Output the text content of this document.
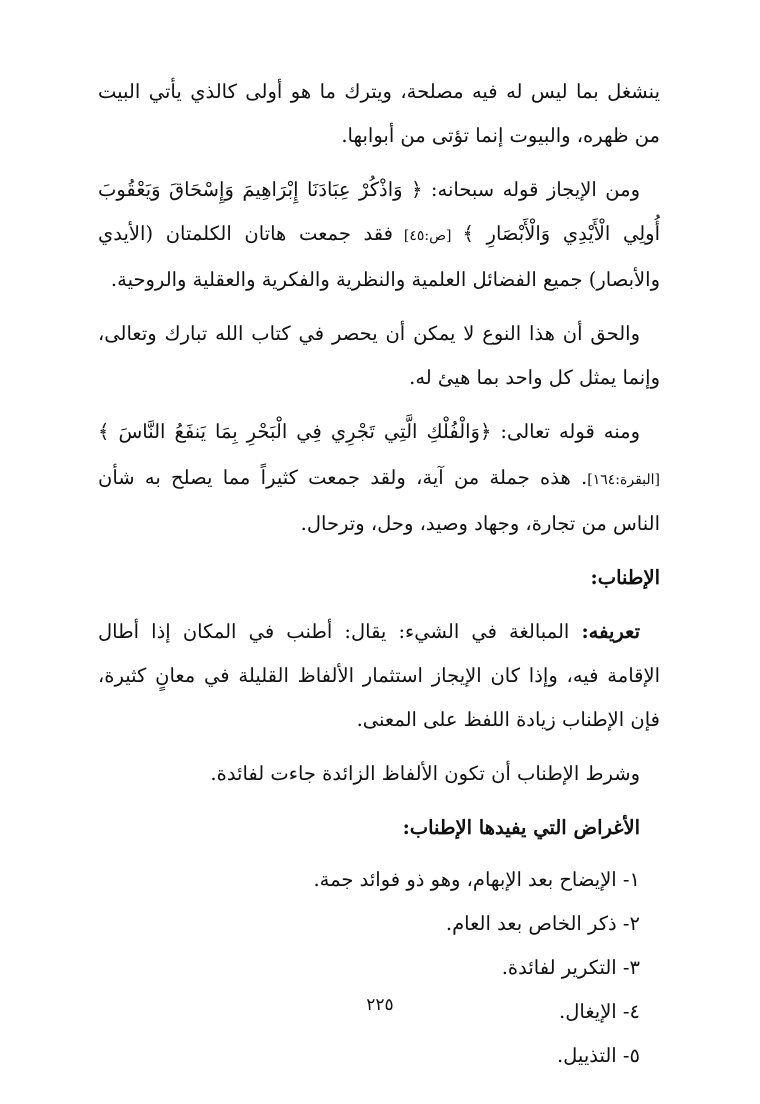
ينشغل بما ليس له فيه مصلحة، ويترك ما هو أولى كالذي يأتي البيت من ظهره، والبيوت إنما تؤتى من أبوابها.

ومن الإيجاز قوله سبحانه: ﴿ وَاذْكُرْ عِبَادَنَا إِبْرَاهِيمَ وَإِسْحَاقَ وَيَعْقُوبَ أُولِي الْأَيْدِي وَالْأَبْصَارِ ﴾ [ص:٤٥] فقد جمعت هاتان الكلمتان (الأيدي والأبصار) جميع الفضائل العلمية والنظرية والفكرية والعقلية والروحية.

والحق أن هذا النوع لا يمكن أن يحصر في كتاب الله تبارك وتعالى، وإنما يمثل كل واحد بما هيئ له.

ومنه قوله تعالى: ﴿وَالْفُلْكِ الَّتِي تَجْرِي فِي الْبَحْرِ بِمَا يَنفَعُ النَّاسَ ﴾ [البقرة:١٦٤]. هذه جملة من آية، ولقد جمعت كثيراً مما يصلح به شأن الناس من تجارة، وجهاد وصيد، وحل، وترحال.

الإطناب:

تعريفه: المبالغة في الشيء: يقال: أطنب في المكان إذا أطال الإقامة فيه، وإذا كان الإيجاز استثمار الألفاظ القليلة في معانٍ كثيرة، فإن الإطناب زيادة اللفظ على المعنى.

وشرط الإطناب أن تكون الألفاظ الزائدة جاءت لفائدة.

الأغراض التي يفيدها الإطناب:

١- الإيضاح بعد الإبهام، وهو ذو فوائد جمة.
٢- ذكر الخاص بعد العام.
٣- التكرير لفائدة.
٤- الإيغال.
٥- التذييل.
٢٢٥
